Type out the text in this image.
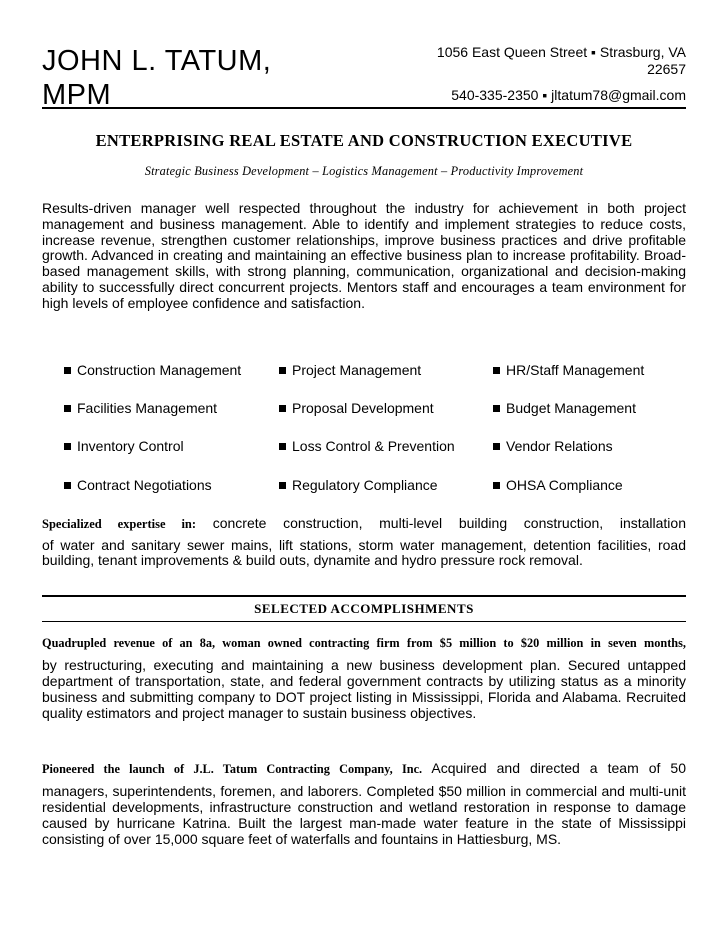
JOHN L. TATUM,
MPM
1056 East Queen Street ▪ Strasburg, VA
22657
540-335-2350 ▪ jltatum78@gmail.com
ENTERPRISING REAL ESTATE AND CONSTRUCTION EXECUTIVE
Strategic Business Development – Logistics Management – Productivity Improvement
Results-driven manager well respected throughout the industry for achievement in both project management and business management. Able to identify and implement strategies to reduce costs, increase revenue, strengthen customer relationships, improve business practices and drive profitable growth. Advanced in creating and maintaining an effective business plan to increase profitability. Broad-based management skills, with strong planning, communication, organizational and decision-making ability to successfully direct concurrent projects. Mentors staff and encourages a team environment for high levels of employee confidence and satisfaction.
Construction Management	Project Management	HR/Staff Management
Facilities Management	Proposal Development	Budget Management
Inventory Control	Loss Control & Prevention	Vendor Relations
Contract Negotiations	Regulatory Compliance	OHSA Compliance
Specialized expertise in: concrete construction, multi-level building construction, installation
of water and sanitary sewer mains, lift stations, storm water management, detention facilities, road building, tenant improvements & build outs, dynamite and hydro pressure rock removal.
SELECTED ACCOMPLISHMENTS
Quadrupled revenue of an 8a, woman owned contracting firm from $5 million to $20 million in seven months,
by restructuring, executing and maintaining a new business development plan. Secured untapped department of transportation, state, and federal government contracts by utilizing status as a minority business and submitting company to DOT project listing in Mississippi, Florida and Alabama. Recruited quality estimators and project manager to sustain business objectives.
Pioneered the launch of J.L. Tatum Contracting Company, Inc. Acquired and directed a team of 50
managers, superintendents, foremen, and laborers. Completed $50 million in commercial and multi-unit residential developments, infrastructure construction and wetland restoration in response to damage caused by hurricane Katrina. Built the largest man-made water feature in the state of Mississippi consisting of over 15,000 square feet of waterfalls and fountains in Hattiesburg, MS.
